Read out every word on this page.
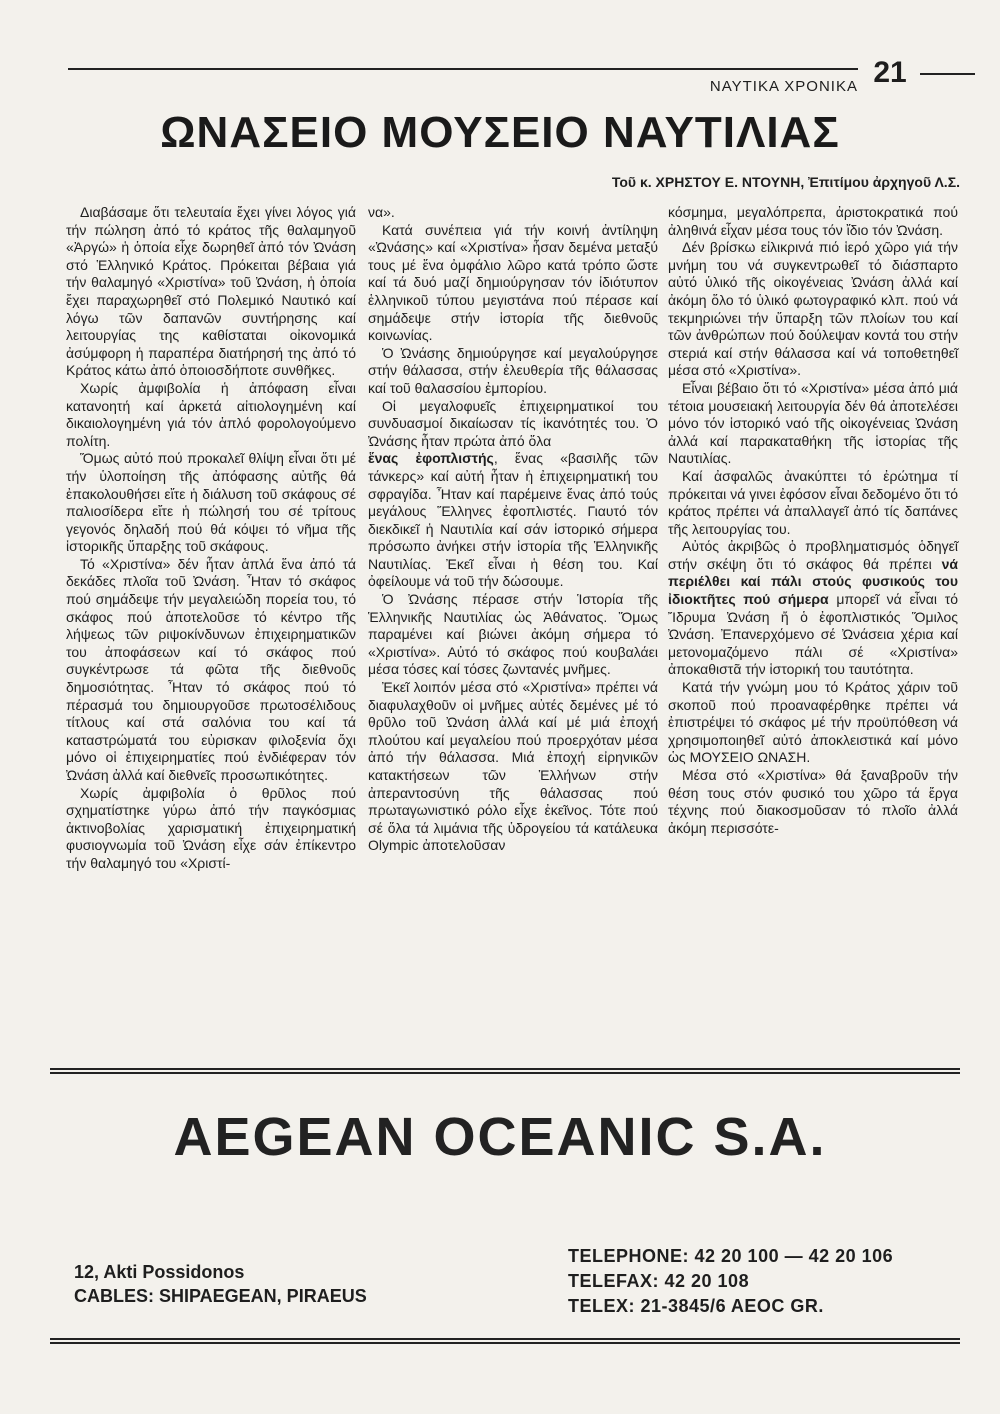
ΝΑΥΤΙΚΑ ΧΡΟΝΙΚΑ 21
ΩΝΑΣΕΙΟ ΜΟΥΣΕΙΟ ΝΑΥΤΙΛΙΑΣ
Τοῦ κ. ΧΡΗΣΤΟΥ Ε. ΝΤΟΥΝΗ, Ἐπιτίμου ἀρχηγοῦ Λ.Σ.

Διαβάσαμε ὅτι τελευταία ἔχει γίνει λόγος γιά τήν πώληση ἀπό τό κράτος τῆς θαλαμηγοῦ «Ἀργώ» ἡ ὁποία εἶχε δωρηθεῖ ἀπό τόν Ὠνάση στό Ἑλληνικό Κράτος. Πρόκειται βέβαια γιά τήν θαλαμηγό «Χριστίνα» τοῦ Ὠνάση, ἡ ὁποία ἔχει παραχωρηθεῖ στό Πολεμικό Ναυτικό καί λόγω τῶν δαπανῶν συντήρησης καί λειτουργίας της καθίσταται οἰκονομικά ἀσύμφορη ἡ παραπέρα διατήρησή της ἀπό τό Κράτος κάτω ἀπό ὁποιοσδήποτε συνθῆκες.

Χωρίς ἀμφιβολία ἡ ἀπόφαση εἶναι κατανοητή καί ἀρκετά αἰτιολογημένη καί δικαιολογημένη γιά τόν ἁπλό φορολογούμενο πολίτη.

Ὅμως αὐτό πού προκαλεῖ θλίψη εἶναι ὅτι μέ τήν ὑλοποίηση τῆς ἀπόφασης αὐτῆς θά ἐπακολουθήσει εἴτε ἡ διάλυση τοῦ σκάφους σέ παλιοσίδερα εἴτε ἡ πώλησή του σέ τρίτους γεγονός δηλαδή πού θά κόψει τό νῆμα τῆς ἱστορικῆς ὕπαρξης τοῦ σκάφους.

Τό «Χριστίνα» δέν ἦταν ἁπλά ἕνα ἀπό τά δεκάδες πλοῖα τοῦ Ὠνάση. Ἦταν τό σκάφος πού σημάδεψε τήν μεγαλειώδη πορεία του, τό σκάφος πού ἀποτελοῦσε τό κέντρο τῆς λήψεως τῶν ριψοκίνδυνων ἐπιχειρηματικῶν του ἀποφάσεων καί τό σκάφος πού συγκέντρωσε τά φῶτα τῆς διεθνοῦς δημοσιότητας. Ἦταν τό σκάφος πού τό πέρασμά του δημιουργοῦσε πρωτοσέλιδους τίτλους καί στά σαλόνια του καί τά καταστρώματά του εὐρισκαν φιλοξενία ὄχι μόνο οἱ ἐπιχειρηματίες πού ἐνδιέφεραν τόν Ὠνάση ἀλλά καί διεθνεῖς προσωπικότητες.

Χωρίς ἀμφιβολία ὁ θρῦλος πού σχηματίστηκε γύρω ἀπό τήν παγκόσμιας ἀκτινοβολίας χαρισματική ἐπιχειρηματική φυσιογνωμία τοῦ Ὠνάση εἶχε σάν ἐπίκεντρο τήν θαλαμηγό του «Χριστί-

να».

Κατά συνέπεια γιά τήν κοινή ἀντίληψη «Ὠνάσης» καί «Χριστίνα» ἦσαν δεμένα μεταξύ τους μέ ἕνα ὀμφάλιο λῶρο κατά τρόπο ὥστε καί τά δυό μαζί δημιούργησαν τόν ἰδιότυπον ἑλληνικοῦ τύπου μεγιστάνα πού πέρασε καί σημάδεψε στήν ἱστορία τῆς διεθνοῦς κοινωνίας.

Ὁ Ὠνάσης δημιούργησε καί μεγαλούργησε στήν θάλασσα, στήν ἐλευθερία τῆς θάλασσας καί τοῦ θαλασσίου ἐμπορίου.

Οἱ μεγαλοφυεῖς ἐπιχειρηματικοί του συνδυασμοί δικαίωσαν τίς ἱκανότητές του. Ὁ Ὠνάσης ἦταν πρώτα ἀπό ὅλα
ἕνας ἐφοπλιστής, ἕνας «βασιλῆς τῶν τάνκερς» καί αὐτή ἦταν ἡ ἐπιχειρηματική του σφραγίδα. Ἦταν καί παρέμεινε ἕνας ἀπό τούς μεγάλους Ἕλληνες ἐφοπλιστές. Γιαυτό τόν διεκδικεῖ ἡ Ναυτιλία καί σάν ἱστορικό σήμερα πρόσωπο ἀνήκει στήν ἱστορία τῆς Ἑλληνικῆς Ναυτιλίας. Ἐκεῖ εἶναι ἡ θέση του. Καί ὀφείλουμε νά τοῦ τήν δώσουμε.

Ὁ Ὠνάσης πέρασε στήν Ἱστορία τῆς Ἑλληνικῆς Ναυτιλίας ὡς Ἀθάνατος. Ὅμως παραμένει καί βιώνει ἀκόμη σήμερα τό «Χριστίνα». Αὐτό τό σκάφος πού κουβαλάει μέσα τόσες καί τόσες ζωντανές μνῆμες.

Ἐκεῖ λοιπόν μέσα στό «Χριστίνα» πρέπει νά διαφυλαχθοῦν οἱ μνῆμες αὐτές δεμένες μέ τό θρῦλο τοῦ Ὠνάση ἀλλά καί μέ μιά ἐποχή πλούτου καί μεγαλείου πού προερχόταν μέσα ἀπό τήν θάλασσα. Μιά ἐποχή εἰρηνικῶν κατακτήσεων τῶν Ἑλλήνων στήν ἀπεραντοσύνη τῆς θάλασσας πού πρωταγωνιστικό ρόλο εἶχε ἐκεῖνος. Τότε πού σέ ὅλα τά λιμάνια τῆς ὑδρογείου τά κατάλευκα Olympic ἀποτελοῦσαν

κόσμημα, μεγαλόπρεπα, ἀριστοκρατικά πού ἀληθινά εἶχαν μέσα τους τόν ἴδιο τόν Ὠνάση.

Δέν βρίσκω εἰλικρινά πιό ἱερό χῶρο γιά τήν μνήμη του νά συγκεντρωθεῖ τό διάσπαρτο αὐτό ὑλικό τῆς οἰκογένειας Ὠνάση ἀλλά καί ἀκόμη ὅλο τό ὑλικό φωτογραφικό κλπ. πού νά τεκμηριώνει τήν ὕπαρξη τῶν πλοίων του καί τῶν ἀνθρώπων πού δούλεψαν κοντά του στήν στεριά καί στήν θάλασσα καί νά τοποθετηθεῖ μέσα στό «Χριστίνα».

Εἶναι βέβαιο ὅτι τό «Χριστίνα» μέσα ἀπό μιά τέτοια μουσειακή λειτουργία δέν θά ἀποτελέσει μόνο τόν ἱστορικό ναό τῆς οἰκογένειας Ὠνάση ἀλλά καί παρακαταθήκη τῆς ἱστορίας τῆς Ναυτιλίας.

Καί ἀσφαλῶς ἀνακύπτει τό ἐρώτημα τί πρόκειται νά γινει ἐφόσον εἶναι δεδομένο ὅτι τό κράτος πρέπει νά ἀπαλλαγεῖ ἀπό τίς δαπάνες τῆς λειτουργίας του.

Αὐτός ἀκριβῶς ὁ προβληματισμός ὁδηγεῖ στήν σκέψη ὅτι τό σκάφος θά πρέπει νά περιέλθει καί πάλι στούς φυσικούς του ἰδιοκτῆτες πού σήμερα μπορεῖ νά εἶναι τό Ἴδρυμα Ὠνάση ἤ ὁ ἐφοπλιστικός Ὅμιλος Ὠνάση. Ἐπανερχόμενο σέ Ὠνάσεια χέρια καί μετονομαζόμενο πάλι σέ «Χριστίνα» ἀποκαθιστᾶ τήν ἱστορική του ταυτότητα.

Κατά τήν γνώμη μου τό Κράτος χάριν τοῦ σκοποῦ πού προαναφέρθηκε πρέπει νά ἐπιστρέψει τό σκάφος μέ τήν προϋπόθεση νά χρησιμοποιηθεῖ αὐτό ἀποκλειστικά καί μόνο ὡς ΜΟΥΣΕΙΟ ΩΝΑΣΗ.

Μέσα στό «Χριστίνα» θά ξαναβροῦν τήν θέση τους στόν φυσικό του χῶρο τά ἔργα τέχνης πού διακοσμοῦσαν τό πλοῖο ἀλλά ἀκόμη περισσότε-

AEGEAN OCEANIC S.A.
12, Akti Possidonos
CABLES: SHIPAEGEAN, PIRAEUS
TELEPHONE: 42 20 100 — 42 20 106
TELEFAX: 42 20 108
TELEX: 21-3845/6 AEOC GR.
